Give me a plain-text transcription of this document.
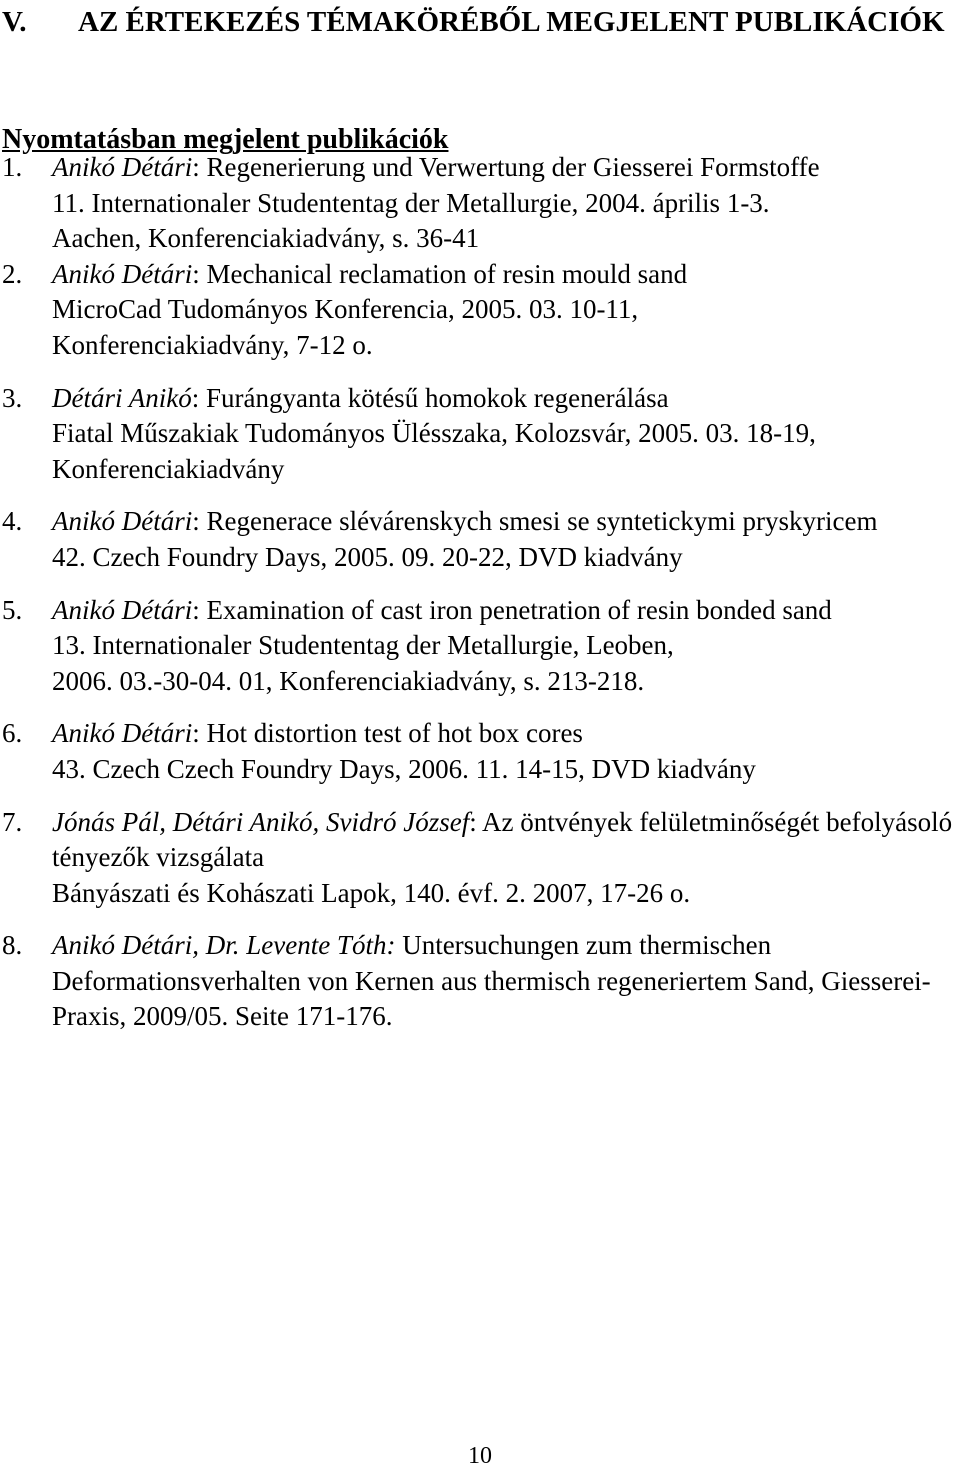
V. AZ ÉRTEKEZÉS TÉMAKÖRÉBŐL MEGJELENT PUBLIKÁCIÓK
Nyomtatásban megjelent publikációk
1. Anikó Détári: Regenerierung und Verwertung der Giesserei Formstoffe
11. Internationaler Studententag der Metallurgie, 2004. április 1-3.
Aachen, Konferenciakiadvány, s. 36-41
2. Anikó Détári: Mechanical reclamation of resin mould sand
MicroCad Tudományos Konferencia, 2005. 03. 10-11,
Konferenciakiadvány, 7-12 o.
3. Détári Anikó: Furángyanta kötésű homokok regenerálása
Fiatal Műszakiak Tudományos Ülésszaka, Kolozsvár, 2005. 03. 18-19,
Konferenciakiadvány
4. Anikó Détári: Regenerace slévárenskych smesi se syntetickymi pryskyricem
42. Czech Foundry Days, 2005. 09. 20-22, DVD kiadvány
5. Anikó Détári: Examination of cast iron penetration of resin bonded sand
13. Internationaler Studententag der Metallurgie, Leoben,
2006. 03.-30-04. 01, Konferenciakiadvány, s. 213-218.
6. Anikó Détári: Hot distortion test of hot box cores
43. Czech Czech Foundry Days, 2006. 11. 14-15, DVD kiadvány
7. Jónás Pál, Détári Anikó, Svidró József: Az öntvények felületminőségét befolyásoló tényezők vizsgálata
Bányászati és Kohászati Lapok, 140. évf. 2. 2007, 17-26 o.
8. Anikó Détári, Dr. Levente Tóth: Untersuchungen zum thermischen Deformationsverhalten von Kernen aus thermisch regeneriertem Sand, Giesserei-Praxis, 2009/05. Seite 171-176.
10
